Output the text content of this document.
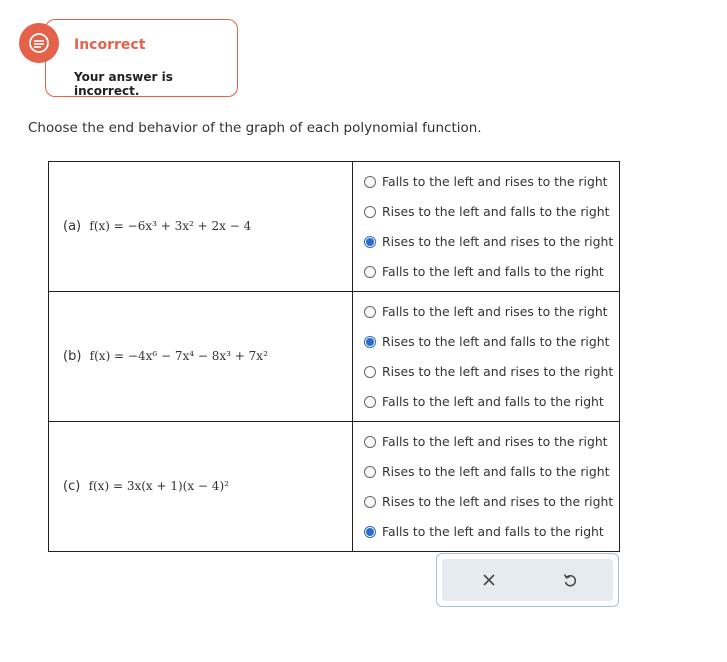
Incorrect
Your answer is incorrect.
Choose the end behavior of the graph of each polynomial function.
(a) f(x) = −6x³ + 3x² + 2x − 4	Falls to the left and rises to the right
Rises to the left and falls to the right
Rises to the left and rises to the right
Falls to the left and falls to the right

(b) f(x) = −4x⁶ − 7x⁴ − 8x³ + 7x²	Falls to the left and rises to the right
Rises to the left and falls to the right
Rises to the left and rises to the right
Falls to the left and falls to the right

(c) f(x) = 3x(x + 1)(x − 4)²	Falls to the left and rises to the right
Rises to the left and falls to the right
Rises to the left and rises to the right
Falls to the left and falls to the right
